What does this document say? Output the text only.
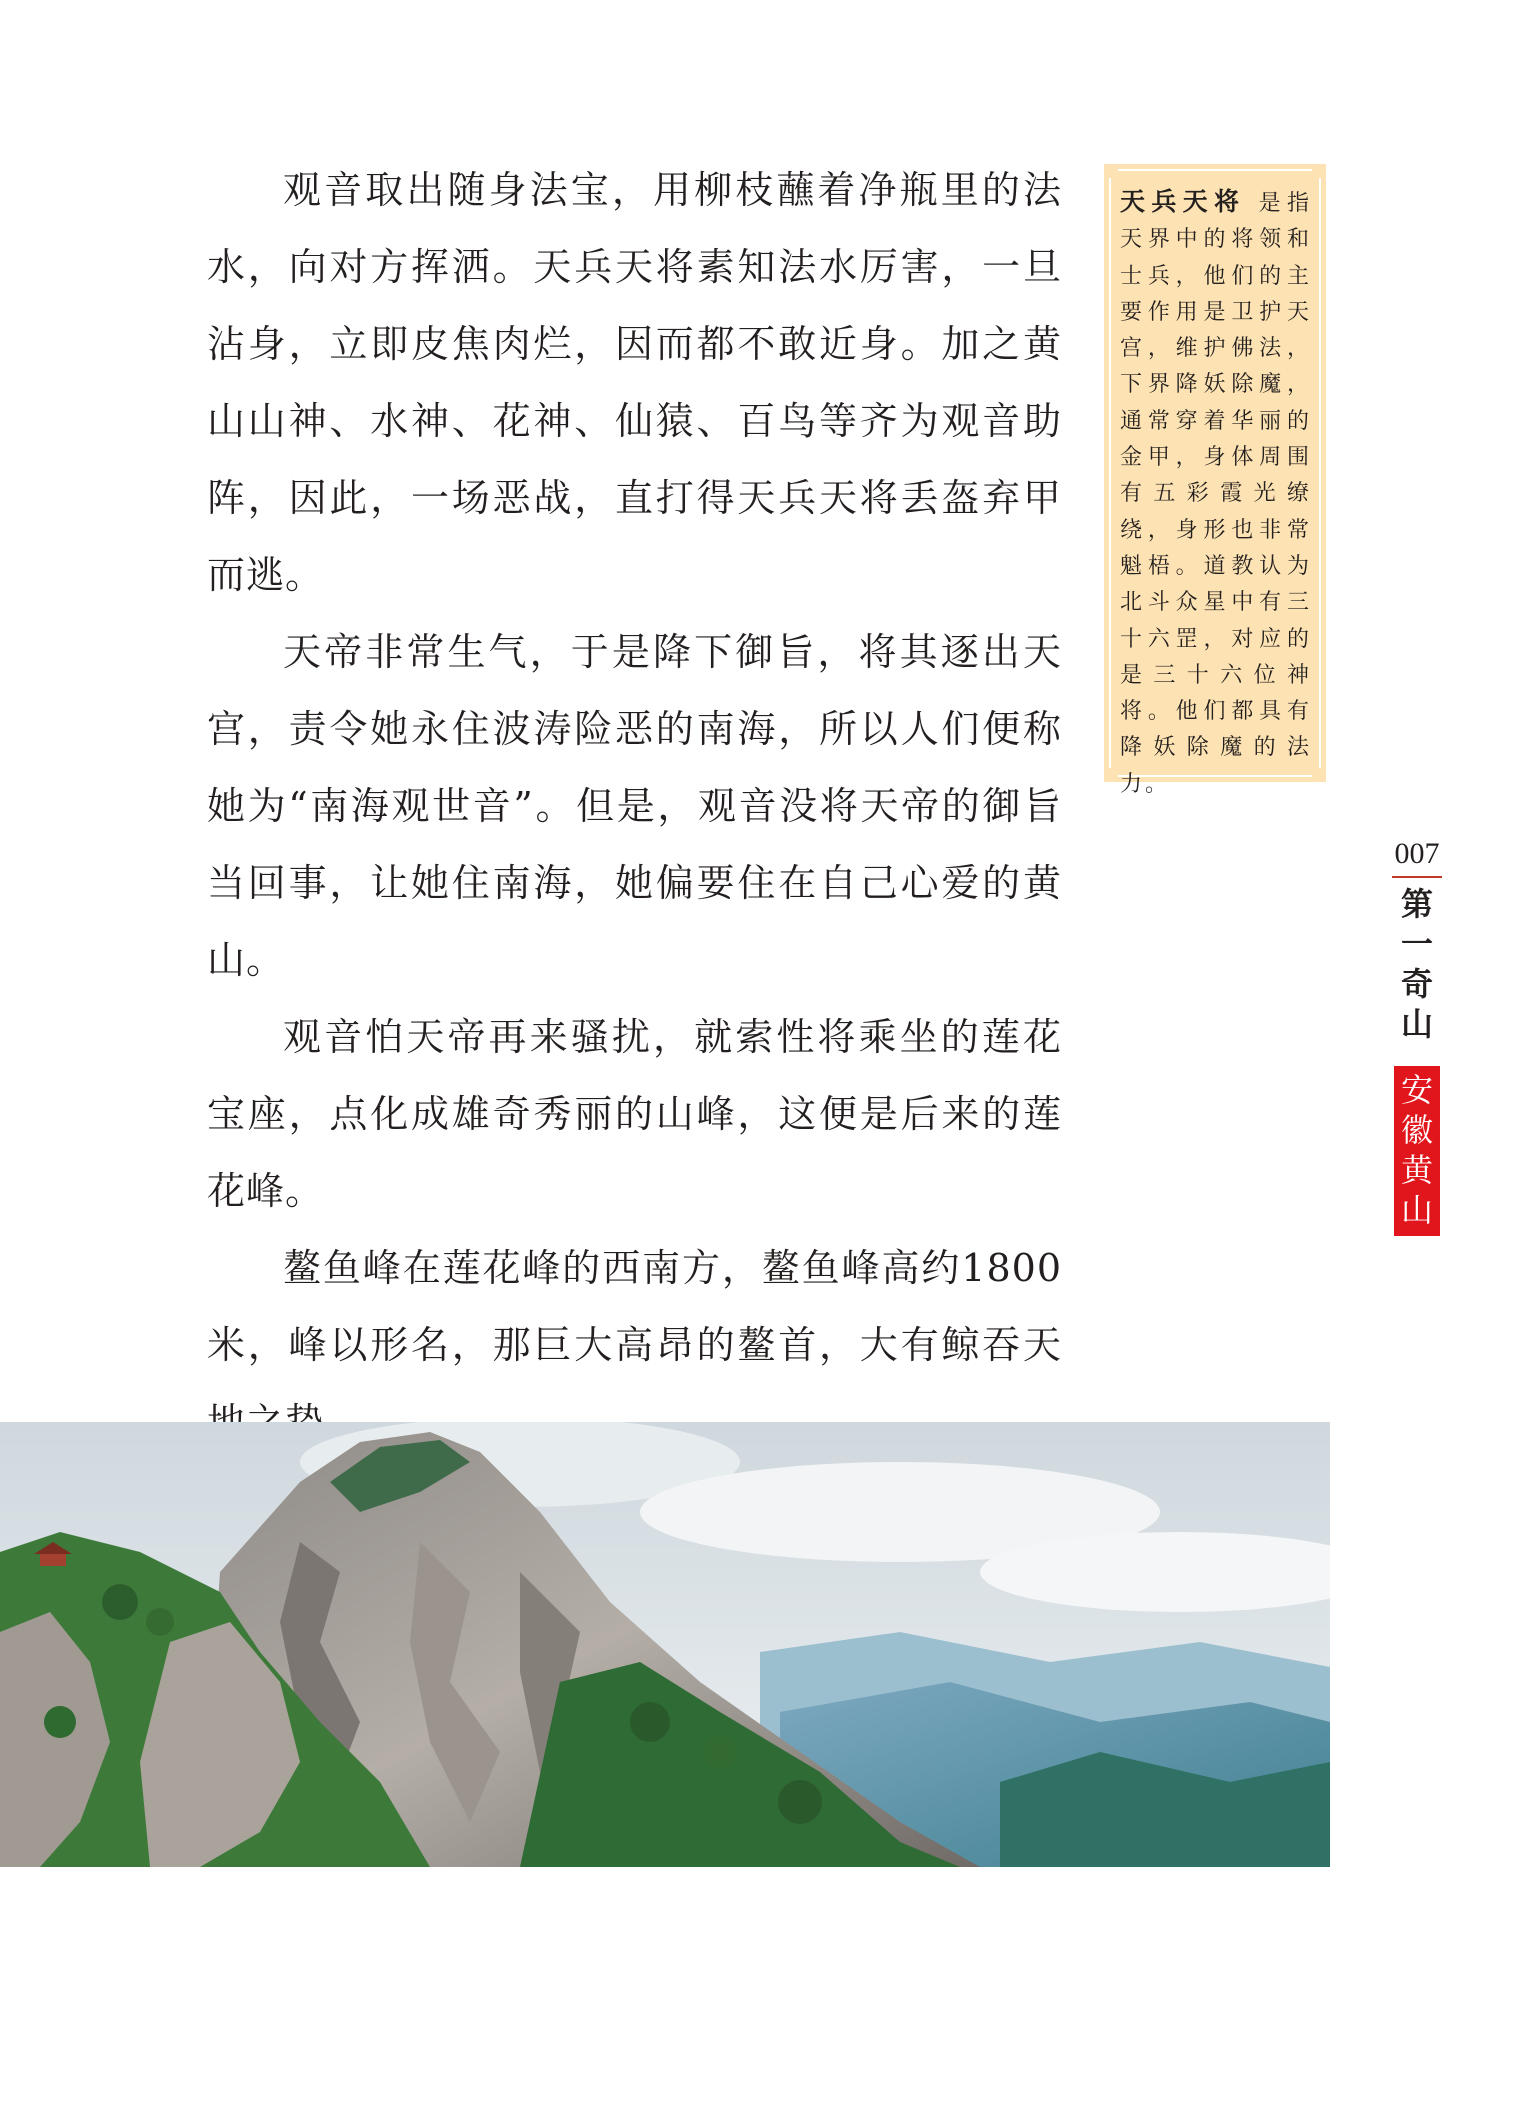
观音取出随身法宝，用柳枝蘸着净瓶里的法水，向对方挥洒。天兵天将素知法水厉害，一旦沾身，立即皮焦肉烂，因而都不敢近身。加之黄山山神、水神、花神、仙猿、百鸟等齐为观音助阵，因此，一场恶战，直打得天兵天将丢盔弃甲而逃。

天帝非常生气，于是降下御旨，将其逐出天宫，责令她永住波涛险恶的南海，所以人们便称她为“南海观世音”。但是，观音没将天帝的御旨当回事，让她住南海，她偏要住在自己心爱的黄山。

观音怕天帝再来骚扰，就索性将乘坐的莲花宝座，点化成雄奇秀丽的山峰，这便是后来的莲花峰。

鳌鱼峰在莲花峰的西南方，鳌鱼峰高约1800米，峰以形名，那巨大高昂的鳌首，大有鲸吞天

天兵天将 是指天界中的将领和士兵，他们的主要作用是卫护天宫，维护佛法，下界降妖除魔，通常穿着华丽的金甲，身体周围有五彩霞光缭绕，身形也非常魁梧。道教认为北斗众星中有三十六罡，对应的是三十六位神将。他们都具有降妖除魔的法力。
007
第一奇山
安徽黄山
